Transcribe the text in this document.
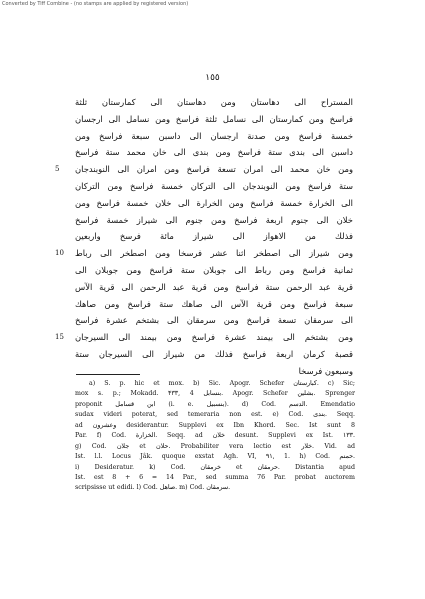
Converted by Tiff Combine - (no stamps are applied by registered version)
١٥٥
المستراح الى دهاستان ومن دهاستان الى كمارستان ثلثة
فراسخ ومن كمارستان الى نسامل ثلثة فراسخ ومن نسامل الى ارجسان
خمسة فراسخ ومن صدنة ارجسان الى داسبن سبعة فراسخ ومن
داسبن الى بندى ستة فراسخ ومن بندى الى خان محمد ستة فراسخ
ومن خان محمد الى امران تسعة فراسخ ومن امران الى النوبندجان
5
ستة فراسخ ومن النوبندجان الى التركان خمسة فراسخ ومن التركان
الى الخرارة خمسة فراسخ ومن الخرارة الى خلان خمسة فراسخ ومن
خلان الى جنوم اربعة فراسخ ومن جنوم الى شيراز خمسة فراسخ
فذلك من الاهواز الى شيراز مائة فرسخ واربعين
ومن شيراز الى اصطخر اثنا عشر فرسخا ومن اصطخر الى رباط
10
ثمانية فراسخ ومن رباط الى جوبلان ستة فراسخ ومن جوبلان الى
قرية عبد الرحمن ستة فراسخ ومن قرية عبد الرحمن الى قرية الآس
سبعة فراسخ ومن قرية الآس الى صاهك ستة فراسخ ومن صاهك
الى سرمقان تسعة فراسخ ومن سرمقان الى بشتخم عشرة فراسخ
ومن بشتخم الى بيمند عشرة فراسخ ومن بيمند الى السيرجان
15
قصبة كرمان اربعة فراسخ فذلك من شيراز الى السيرجان ستة
وسبعون فرسخا
a) S. p. hic et mox. b) Sic. Apogr. Schefer كبارستان. c) Sic;
mox s. p.; Mokadd. ۴۳۳, 4 بنسابل. Apogr. Schefer بشلين. Sprenger
proponit ابن قسامل (i. e. بنسبيل). d) Cod. الدسم. Emendatio
sudax videri poterat, sed temeraria non est. e) Cod. بندى. Seqq.
ad وعشرون desiderantur. Supplevi ex Ibn Khord. Sec. Ist sunt 8
Par. f) Cod. الخزارة. Seqq. ad خلان desunt. Supplevi ex Ist. ۱۳۳.
g) Cod. جلان et حلان. Probabiliter vera lectio est خلار. Vid. ad
Ist. l.l. Locus Jâk. quoque exstat Agh. VI, ۹۱, 1. h) Cod. حمنم.
i) Desideratur. k) Cod. خرمقان et حرمقان. Distantia apud
Ist. est 8 + 6 = 14 Par., sed summa 76 Par. probat auctorem
scripsisse ut edidi. l) Cod. صاهل. m) Cod. سرمقان.
